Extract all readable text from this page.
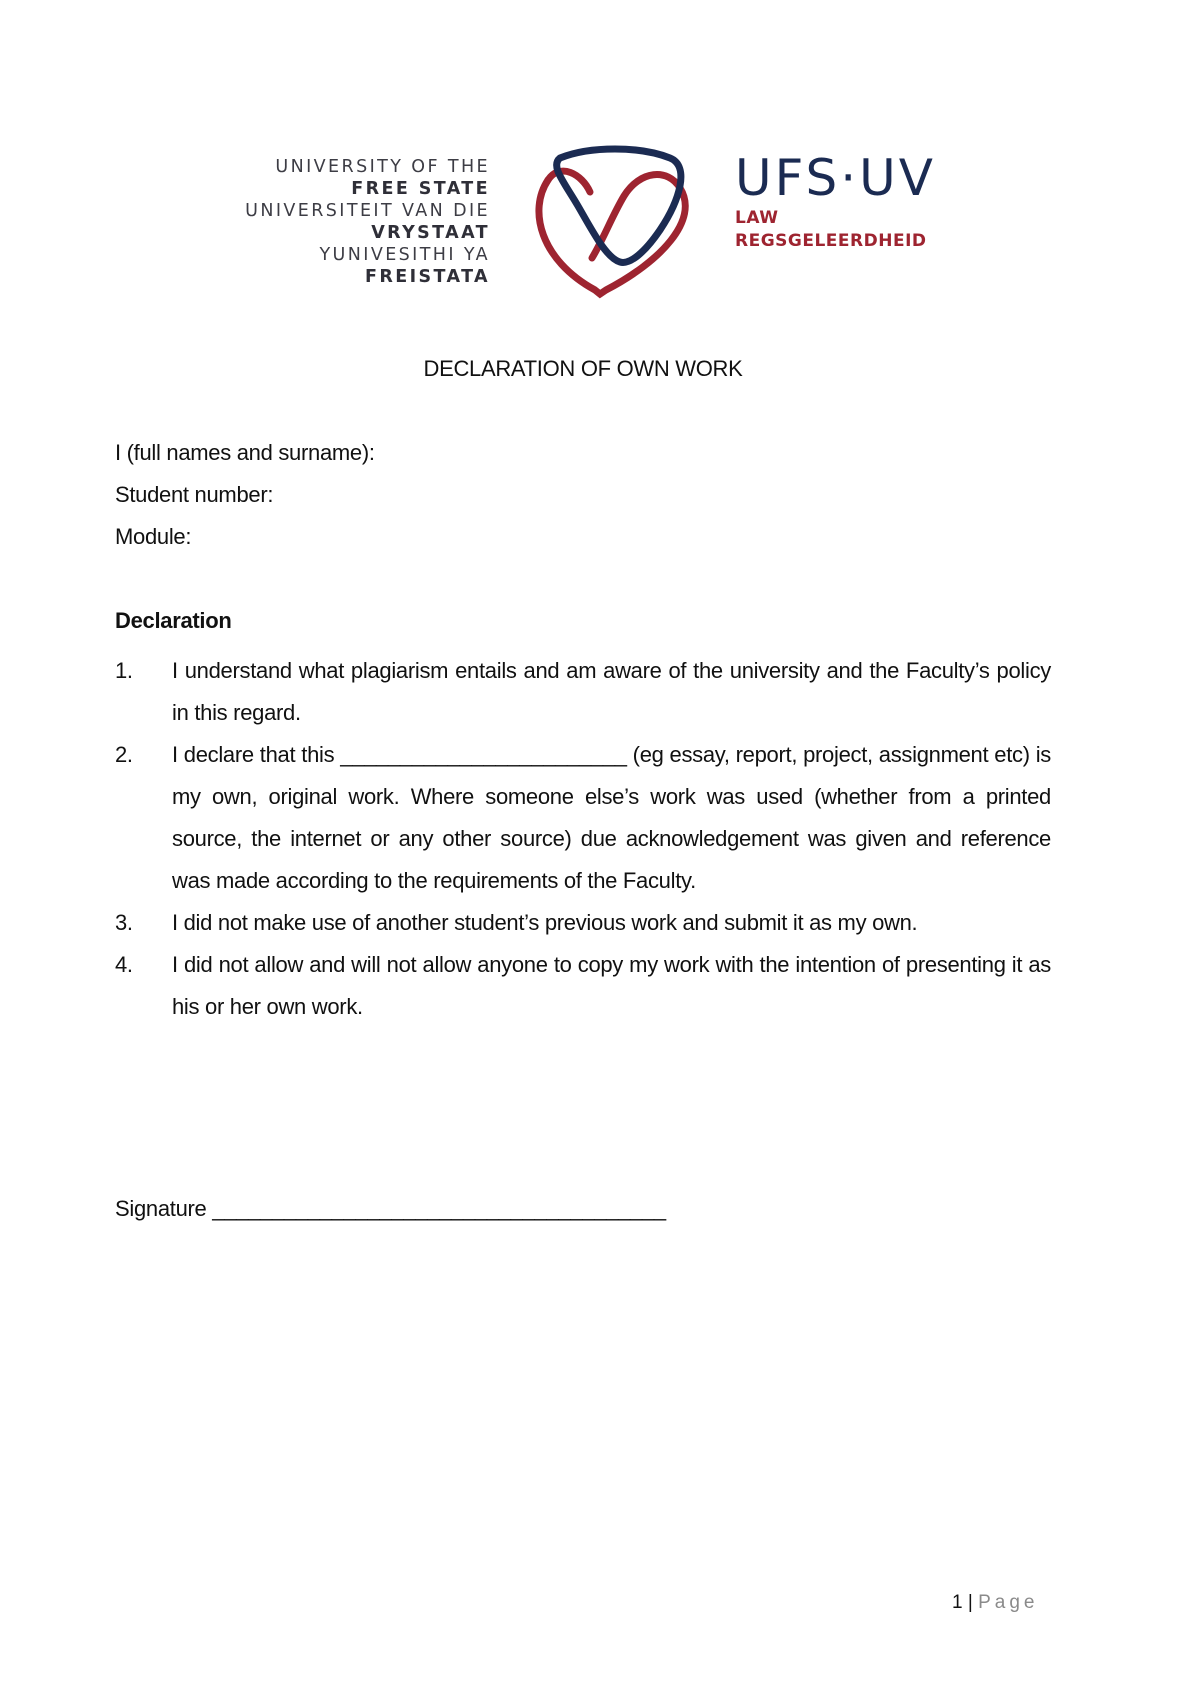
UNIVERSITY OF THE
FREE STATE
UNIVERSITEIT VAN DIE
VRYSTAAT
YUNIVESITHI YA
FREISTATA
UFS·UV
LAW
REGSGELEERDHEID
DECLARATION OF OWN WORK
I (full names and surname):
Student number:
Module:
Declaration
1.	I understand what plagiarism entails and am aware of the university and the Faculty’s policy in this regard.
2.	I declare that this ________________________ (eg essay, report, project, assignment etc) is my own, original work. Where someone else’s work was used (whether from a printed source, the internet or any other source) due acknowledgement was given and reference was made according to the requirements of the Faculty.
3.	I did not make use of another student’s previous work and submit it as my own.
4.	I did not allow and will not allow anyone to copy my work with the intention of presenting it as his or her own work.
Signature ______________________________________
1 | Page
